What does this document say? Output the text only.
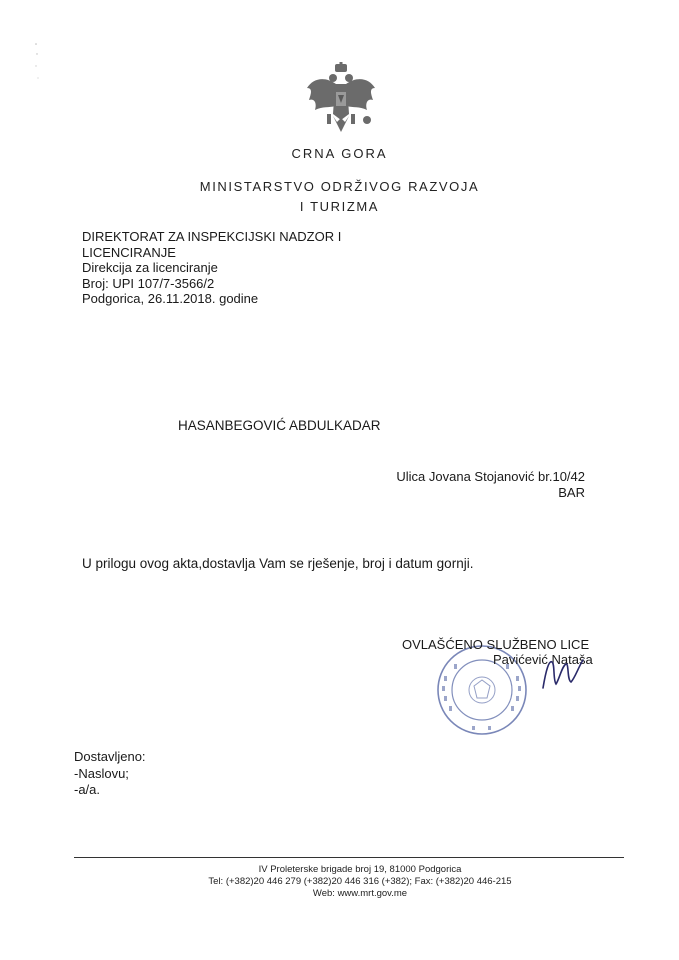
CRNA GORA
MINISTARSTVO ODRŽIVOG RAZVOJA
I TURIZMA
DIREKTORAT ZA INSPEKCIJSKI NADZOR I
LICENCIRANJE
Direkcija za licenciranje
Broj: UPI 107/7-3566/2
Podgorica, 26.11.2018. godine
HASANBEGOVIĆ ABDULKADAR
Ulica Jovana Stojanović br.10/42
BAR
U prilogu ovog akta,dostavlja Vam se rješenje, broj i datum gornji.
OVLAŠĆENO SLUŽBENO LICE
Pavićević Nataša
Dostavljeno:
-Naslovu;
-a/a.
IV Proleterske brigade broj 19, 81000 Podgorica
Tel: (+382)20 446 279 (+382)20 446 316 (+382); Fax: (+382)20 446-215
Web: www.mrt.gov.me
